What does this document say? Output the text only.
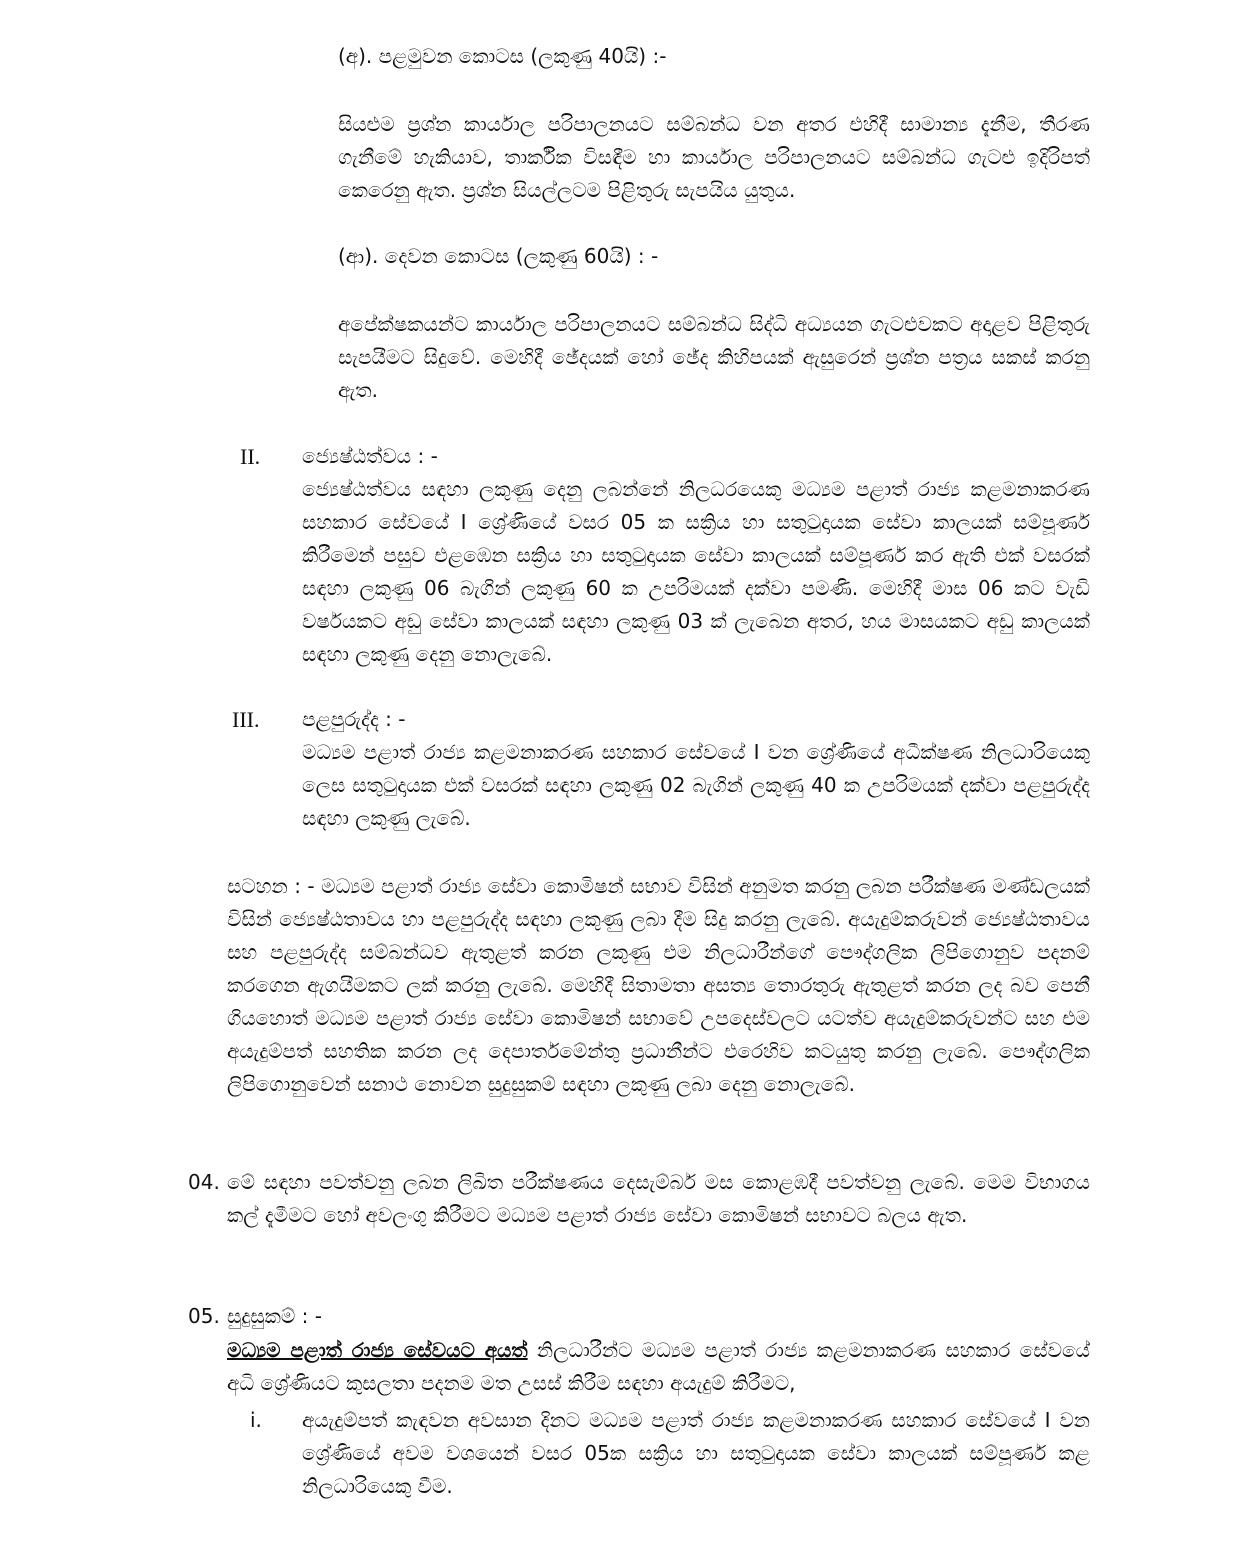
(අ). පළමුවන කොටස (ලකුණු 40යි) :-

සියළුම ප්‍රශ්න කාර්යාල පරිපාලනයට සම්බන්ධ වන අතර එහිදී සාමාන්‍ය දැනීම, තීරණ ගැනීමේ හැකියාව, තාර්කික විසඳීම හා කාර්යාල පරිපාලනයට සම්බන්ධ ගැටළු ඉදිරිපත් කෙරෙනු ඇත. ප්‍රශ්න සියල්ලටම පිළිතුරු සැපයිය යුතුය.

(ආ). දෙවන කොටස (ලකුණු 60යි) : -

අපේක්ෂකයන්ට කාර්යාල පරිපාලනයට සම්බන්ධ සිද්ධි අධ්‍යයන ගැටළුවකට අදාළව පිළිතුරු සැපයීමට සිදුවේ. මෙහිදී ඡේදයක් හෝ ඡේද කිහිපයක් ඇසුරෙන් ප්‍රශ්න පත්‍රය සකස් කරනු ඇත.

II. ජ්‍යෙෂ්ඨත්වය : -

ජ්‍යෙෂ්ඨත්වය සඳහා ලකුණු දෙනු ලබන්නේ නිලධරයෙකු මධ්‍යම පළාත් රාජ්‍ය කළමනාකරණ සහකාර සේවයේ I ශ්‍රේණියේ වසර 05 ක සක්‍රිය හා සතුටුදායක සේවා කාලයක් සම්පූර්ණ කිරීමෙන් පසුව එළඹෙන සක්‍රිය හා සතුටුදායක සේවා කාලයක් සම්පූර්ණ කර ඇති එක් වසරක් සඳහා ලකුණු 06 බැගින් ලකුණු 60 ක උපරිමයක් දක්වා පමණි. මෙහිදී මාස 06 කට වැඩි වර්ෂයකට අඩු සේවා කාලයක් සඳහා ලකුණු 03 ක් ලැබෙන අතර, හය මාසයකට අඩු කාලයක් සඳහා ලකුණු දෙනු නොලැබේ.

III. පළපුරුද්ද : -

මධ්‍යම පළාත් රාජ්‍ය කළමනාකරණ සහකාර සේවයේ I වන ශ්‍රේණියේ අධීක්ෂණ නිලධාරියෙකු ලෙස සතුටුදායක එක් වසරක් සඳහා ලකුණු 02 බැගින් ලකුණු 40 ක උපරිමයක් දක්වා පළපුරුද්ද සඳහා ලකුණු ලැබේ.

සටහන : - මධ්‍යම පළාත් රාජ්‍ය සේවා කොමිෂන් සභාව විසින් අනුමත කරනු ලබන පරීක්ෂණ මණ්ඩලයක් විසින් ජ්‍යෙෂ්ඨතාවය හා පළපුරුද්ද සඳහා ලකුණු ලබා දීම සිදු කරනු ලැබේ. අයැදුම්කරුවන් ජ්‍යෙෂ්ඨතාවය සහ පළපුරුද්ද සම්බන්ධව ඇතුළත් කරන ලකුණු එම නිලධාරීන්ගේ පෞද්ගලික ලිපිගොනුව පදනම් කරගෙන ඇගයීමකට ලක් කරනු ලැබේ. මෙහිදී සිතාමතා අසත්‍ය තොරතුරු ඇතුළත් කරන ලද බව පෙනී ගියහොත් මධ්‍යම පළාත් රාජ්‍ය සේවා කොමිෂන් සභාවේ උපදෙස්වලට යටත්ව අයැදුම්කරුවන්ට සහ එම අයැදුම්පත් සහතික කරන ලද දෙපාර්තමේන්තු ප්‍රධානීන්ට එරෙහිව කටයුතු කරනු ලැබේ. පෞද්ගලික ලිපිගොනුවෙන් සනාථ නොවන සුදුසුකම් සඳහා ලකුණු ලබා දෙනු නොලැබේ.

04. මේ සඳහා පවත්වනු ලබන ලිඛිත පරීක්ෂණය දෙසැම්බර් මස කොළඹදී පවත්වනු ලැබේ. මෙම විභාගය කල් දැමීමට හෝ අවලංගු කිරීමට මධ්‍යම පළාත් රාජ්‍ය සේවා කොමිෂන් සභාවට බලය ඇත.

05. සුදුසුකම් : -

මධ්‍යම පළාත් රාජ්‍ය සේවයට අයත් නිලධාරීන්ට මධ්‍යම පළාත් රාජ්‍ය කළමනාකරණ සහකාර සේවයේ අධි ශ්‍රේණියට කුසලතා පදනම මත උසස් කිරීම සඳහා අයැදුම් කිරීමට,

i. අයැදුම්පත් කැඳවන අවසාන දිනට මධ්‍යම පළාත් රාජ්‍ය කළමනාකරණ සහකාර සේවයේ I වන ශ්‍රේණියේ අවම වශයෙන් වසර 05ක සක්‍රිය හා සතුටුදායක සේවා කාලයක් සම්පූර්ණ කළ නිලධාරියෙකු වීම.
